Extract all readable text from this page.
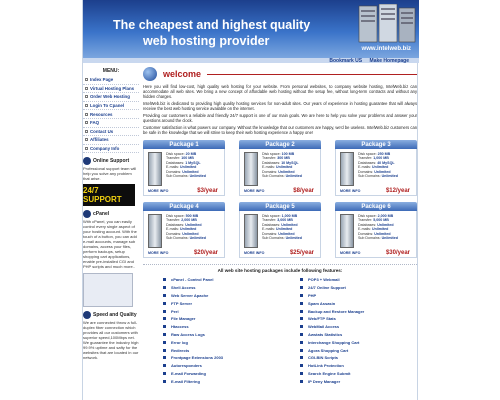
The cheapest and highest quality
web hosting provider
www.intelweb.biz
Bookmark US Make Homepage
MENU:
Index Page
Virtual Hosting Plans
Order Web Hosting
Login To Cpanel
Resources
FAQ
Contact Us
Affiliates
Company Info
Online Support
Professional support team will help you solve any problem that arise.
24/7 SUPPORT
cPanel
With cPanel, you can easily control every single aspect of your hosting account. With the touch of a button, you can add e-mail accounts, manage sub domains, access your files, perform backups, setup shopping cart applications, enable pre-installed CGI and PHP scripts and much more..
Speed and Quality
We are connected throw a full-duplex fiber connection which provides all our customers with superior speed,100Mbps net. We guarantee the industry high 99.9% uptime and safty for the websites that are located in our network.
welcome

Here you will find low-cost, high quality web hosting for your website. From personal websites, to company website hosting, IntelWeb.biz can accommodate all web sites. We bring a new concept of affordable web hosting without the setup fee, without long-term contracts and without any hidden charges.

IntelWeb.biz is dedicated to providing high quality hosting services for non-adult sites. Our years of experience in hosting guarantee that will always receive the best web hosting service available on the internet.

Providing our customers a reliable and friendly 24/7 support is one of our main goals. We are here to help you solve your problems and answer your questions around the clock.

Customer satisfaction is what powers our company. Without the knowledge that our customers are happy, we'd be useless. IntelWeb.biz customers can be safe in the knowledge that we will strive to keep their web hosting experience a happy one!

Package 1
Disk space: 20 MB
Transfer: 100 MB
Databases: 1 MySQL
E-mails: Unlimited
Domains: Unlimited
Sub Domains: Unlimited
MORE INFO	$3/year
Package 2
Disk space: 100 MB
Transfer: 300 MB
Databases: 10 MySQL
E-mails: Unlimited
Domains: Unlimited
Sub Domains: Unlimited
MORE INFO	$8/year
Package 3
Disk space: 250 MB
Transfer: 1,000 MB
Databases: 40 MySQL
E-mails: Unlimited
Domains: Unlimited
Sub Domains: Unlimited
MORE INFO	$12/year
Package 4
Disk space: 500 MB
Transfer: 2,000 MB
Databases: Unlimited
E-mails: Unlimited
Domains: Unlimited
Sub Domains: Unlimited
MORE INFO	$20/year
Package 5
Disk space: 1,000 MB
Transfer: 3,000 MB
Databases: Unlimited
E-mails: Unlimited
Domains: Unlimited
Sub Domains: Unlimited
MORE INFO	$25/year
Package 6
Disk space: 2,000 MB
Transfer: 5,000 MB
Databases: Unlimited
E-mails: Unlimited
Domains: Unlimited
Sub Domains: Unlimited
MORE INFO	$30/year
All web site hosting packages include following features:
cPanel - Control Panel
Shell Access
Web Server Apache
FTP Server
Perl
File Manager
Htaccess
Raw Access Logs
Error log
Redirects
Frontpage Extensions 2003
Autoresponders
E-mail Forwarding
E-mail Filtering
POP3 + Webmail
24/7 Online Support
PHP
Spam Assasin
Backup and Restore Manager
Web/FTP Stats
WebMail Access
Awstats Statistics
Interchange Shopping Cart
Agora Shopping Cart
CGI-BIN Scripts
HotLink Protection
Search Engine Submit
IP Deny Manager
